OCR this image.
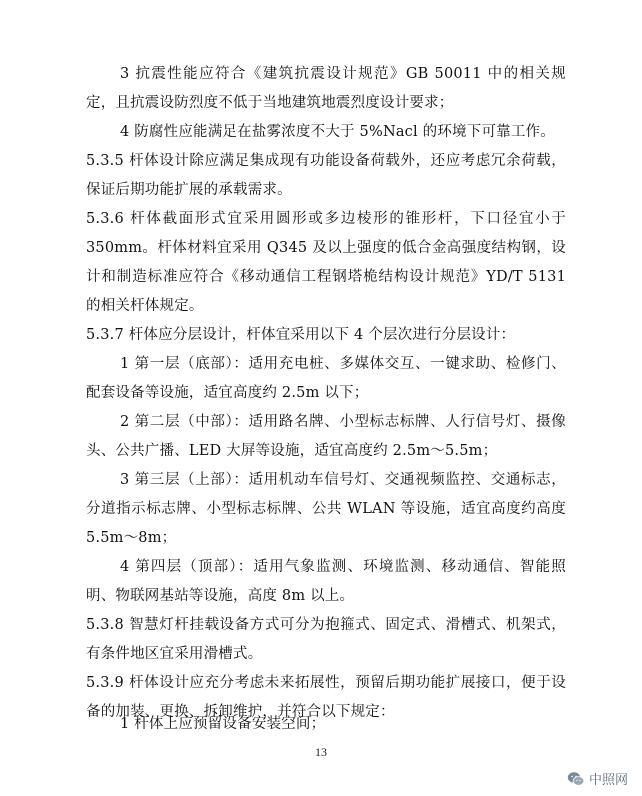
3 抗震性能应符合《建筑抗震设计规范》GB 50011 中的相关规定，且抗震设防烈度不低于当地建筑地震烈度设计要求；

4 防腐性应能满足在盐雾浓度不大于 5%Nacl 的环境下可靠工作。

5.3.5 杆体设计除应满足集成现有功能设备荷载外，还应考虑冗余荷载，保证后期功能扩展的承载需求。

5.3.6 杆体截面形式宜采用圆形或多边棱形的锥形杆，下口径宜小于 350mm。杆体材料宜采用 Q345 及以上强度的低合金高强度结构钢，设计和制造标准应符合《移动通信工程钢塔桅结构设计规范》YD/T 5131 的相关杆体规定。

5.3.7 杆体应分层设计，杆体宜采用以下 4 个层次进行分层设计：

1 第一层（底部）：适用充电桩、多媒体交互、一键求助、检修门、配套设备等设施，适宜高度约 2.5m 以下；

2 第二层（中部）：适用路名牌、小型标志标牌、人行信号灯、摄像头、公共广播、LED 大屏等设施，适宜高度约 2.5m～5.5m；

3 第三层（上部）：适用机动车信号灯、交通视频监控、交通标志，分道指示标志牌、小型标志标牌、公共 WLAN 等设施，适宜高度约高度 5.5m～8m；

4 第四层（顶部）：适用气象监测、环境监测、移动通信、智能照明、物联网基站等设施，高度 8m 以上。

5.3.8 智慧灯杆挂载设备方式可分为抱箍式、固定式、滑槽式、机架式，有条件地区宜采用滑槽式。

5.3.9 杆体设计应充分考虑未来拓展性，预留后期功能扩展接口，便于设备的加装、更换、拆卸维护，并符合以下规定：

1 杆体上应预留设备安装空间；

13
中照网
